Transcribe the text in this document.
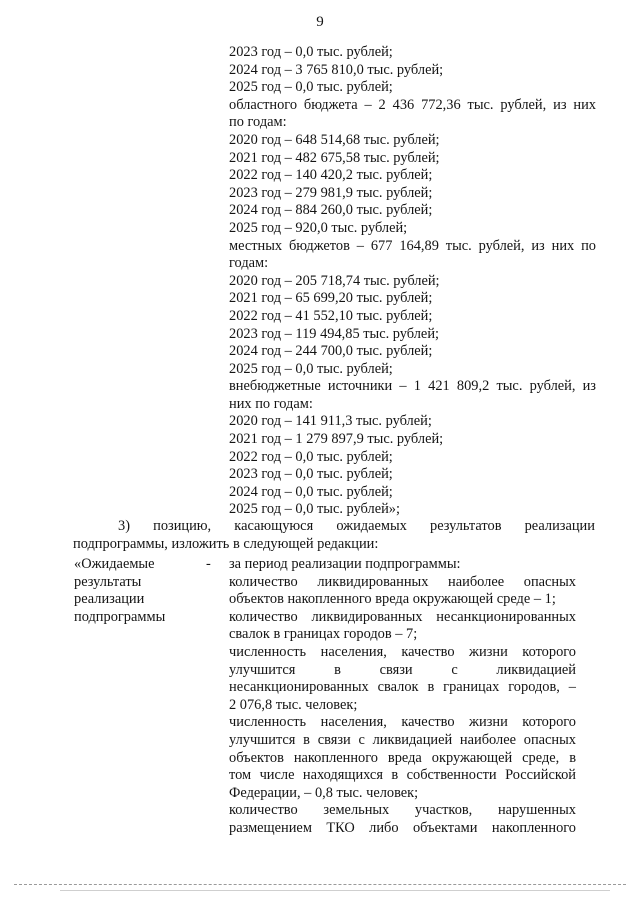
9

2023 год – 0,0 тыс. рублей;

2024 год – 3 765 810,0 тыс. рублей;

2025 год – 0,0 тыс. рублей;

областного бюджета – 2 436 772,36 тыс. рублей, из них

по годам:

2020 год – 648 514,68 тыс. рублей;

2021 год – 482 675,58 тыс. рублей;

2022 год – 140 420,2 тыс. рублей;

2023 год – 279 981,9 тыс. рублей;

2024 год – 884 260,0 тыс. рублей;

2025 год – 920,0 тыс. рублей;

местных бюджетов – 677 164,89 тыс. рублей, из них по

годам:

2020 год – 205 718,74 тыс. рублей;

2021 год – 65 699,20 тыс. рублей;

2022 год – 41 552,10 тыс. рублей;

2023 год – 119 494,85 тыс. рублей;

2024 год – 244 700,0 тыс. рублей;

2025 год – 0,0 тыс. рублей;

внебюджетные источники – 1 421 809,2 тыс. рублей, из

них по годам:

2020 год – 141 911,3 тыс. рублей;

2021 год – 1 279 897,9 тыс. рублей;

2022 год – 0,0 тыс. рублей;

2023 год – 0,0 тыс. рублей;

2024 год – 0,0 тыс. рублей;

2025 год – 0,0 тыс. рублей»;

3) позицию, касающуюся ожидаемых результатов реализации
подпрограммы, изложить в следующей редакции:
«Ожидаемые
результаты
реализации
подпрограммы
- за период реализации подпрограммы:

количество ликвидированных наиболее опасных

объектов накопленного вреда окружающей среде – 1;

количество ликвидированных несанкционированных

свалок в границах городов – 7;

численность населения, качество жизни которого

улучшится в связи с ликвидацией

несанкционированных свалок в границах городов, –

2 076,8 тыс. человек;

численность населения, качество жизни которого

улучшится в связи с ликвидацией наиболее опасных

объектов накопленного вреда окружающей среде, в

том числе находящихся в собственности Российской

Федерации, – 0,8 тыс. человек;

количество земельных участков, нарушенных

размещением ТКО либо объектами накопленного
